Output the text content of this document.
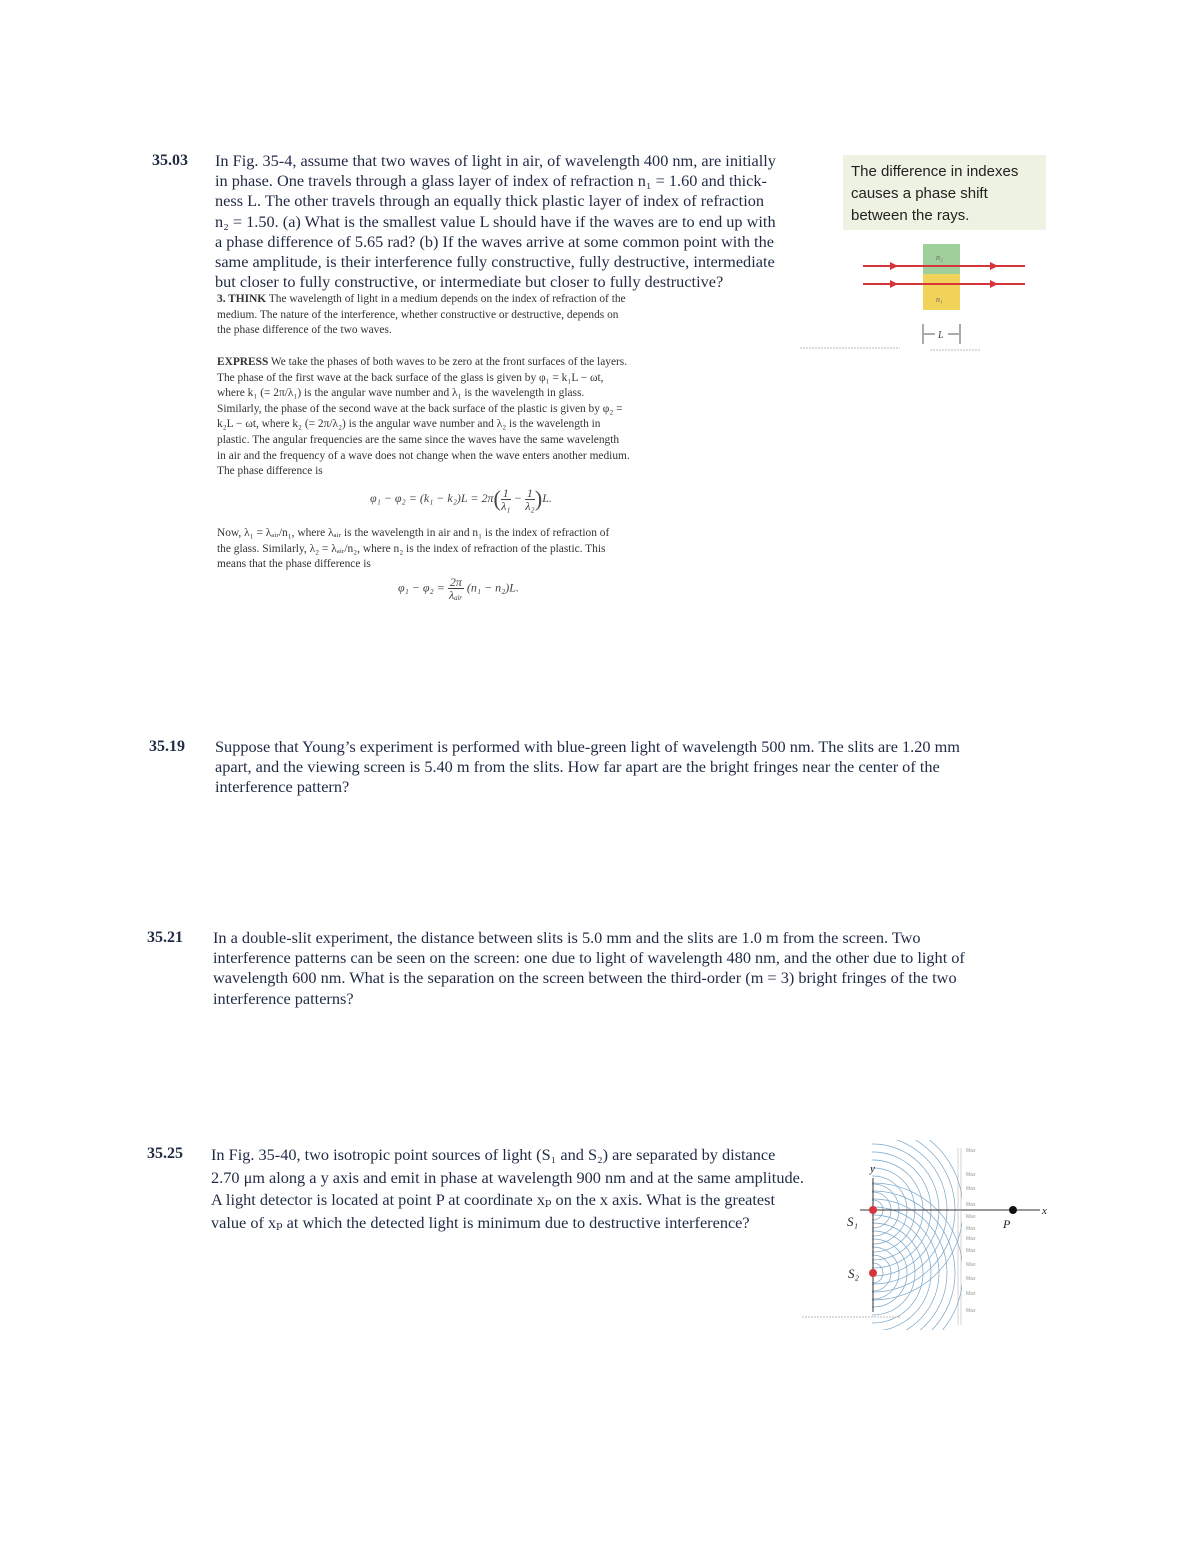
35.03 In Fig. 35-4, assume that two waves of light in air, of wavelength 400 nm, are initially
in phase. One travels through a glass layer of index of refraction n₁ = 1.60 and thick-
ness L. The other travels through an equally thick plastic layer of index of refraction
n₂ = 1.50. (a) What is the smallest value L should have if the waves are to end up with
a phase difference of 5.65 rad? (b) If the waves arrive at some common point with the
same amplitude, is their interference fully constructive, fully destructive, intermediate
but closer to fully constructive, or intermediate but closer to fully destructive?
3. THINK The wavelength of light in a medium depends on the index of refraction of the
medium. The nature of the interference, whether constructive or destructive, depends on
the phase difference of the two waves.
EXPRESS We take the phases of both waves to be zero at the front surfaces of the layers.
The phase of the first wave at the back surface of the glass is given by φ₁ = k₁L − ωt,
where k₁ (= 2π/λ₁) is the angular wave number and λ₁ is the wavelength in glass.
Similarly, the phase of the second wave at the back surface of the plastic is given by φ₂ =
k₂L − ωt, where k₂ (= 2π/λ₂) is the angular wave number and λ₂ is the wavelength in
plastic. The angular frequencies are the same since the waves have the same wavelength
in air and the frequency of a wave does not change when the wave enters another medium.
The phase difference is
$\varphi_1 - \varphi_2 = (k_1 - k_2)L = 2\pi( \frac{1}{\text{λ₁}} - \frac{1}{\text{λ₂}} )L$.
Now, λ₁ = λₐᵢᵣ/n₁, where λₐᵢᵣ is the wavelength in air and n₁ is the index of refraction of
the glass. Similarly, λ₂ = λₐᵢᵣ/n₂, where n₂ is the index of refraction of the plastic. This
means that the phase difference is
$\varphi_1 - \varphi_2 = \frac{2\pi}{\text{λₐᵢᵣ}} (n_1 - n_2)L$.
The difference in indexes
causes a phase shift
between the rays.
n₂
n₁
L
35.19 Suppose that Young’s experiment is performed with blue-green light of wavelength 500 nm. The slits are 1.20 mm
apart, and the viewing screen is 5.40 m from the slits. How far apart are the bright fringes near the center of the
interference pattern?
35.21 In a double-slit experiment, the distance between slits is 5.0 mm and the slits are 1.0 m from the screen. Two
interference patterns can be seen on the screen: one due to light of wavelength 480 nm, and the other due to light of
wavelength 600 nm. What is the separation on the screen between the third-order (m = 3) bright fringes of the two
interference patterns?
35.25 In Fig. 35-40, two isotropic point sources of light (S₁ and S₂) are separated by distance
2.70 μm along a y axis and emit in phase at wavelength 900 nm and at the same amplitude.
A light detector is located at point P at coordinate xₚ on the x axis. What is the greatest
value of xₚ at which the detected light is minimum due to destructive interference?
y
x
S₁
S₂
P
Max
Max
Max
Max
Max
Max
Max
Max
Max
Max
Max
Max
